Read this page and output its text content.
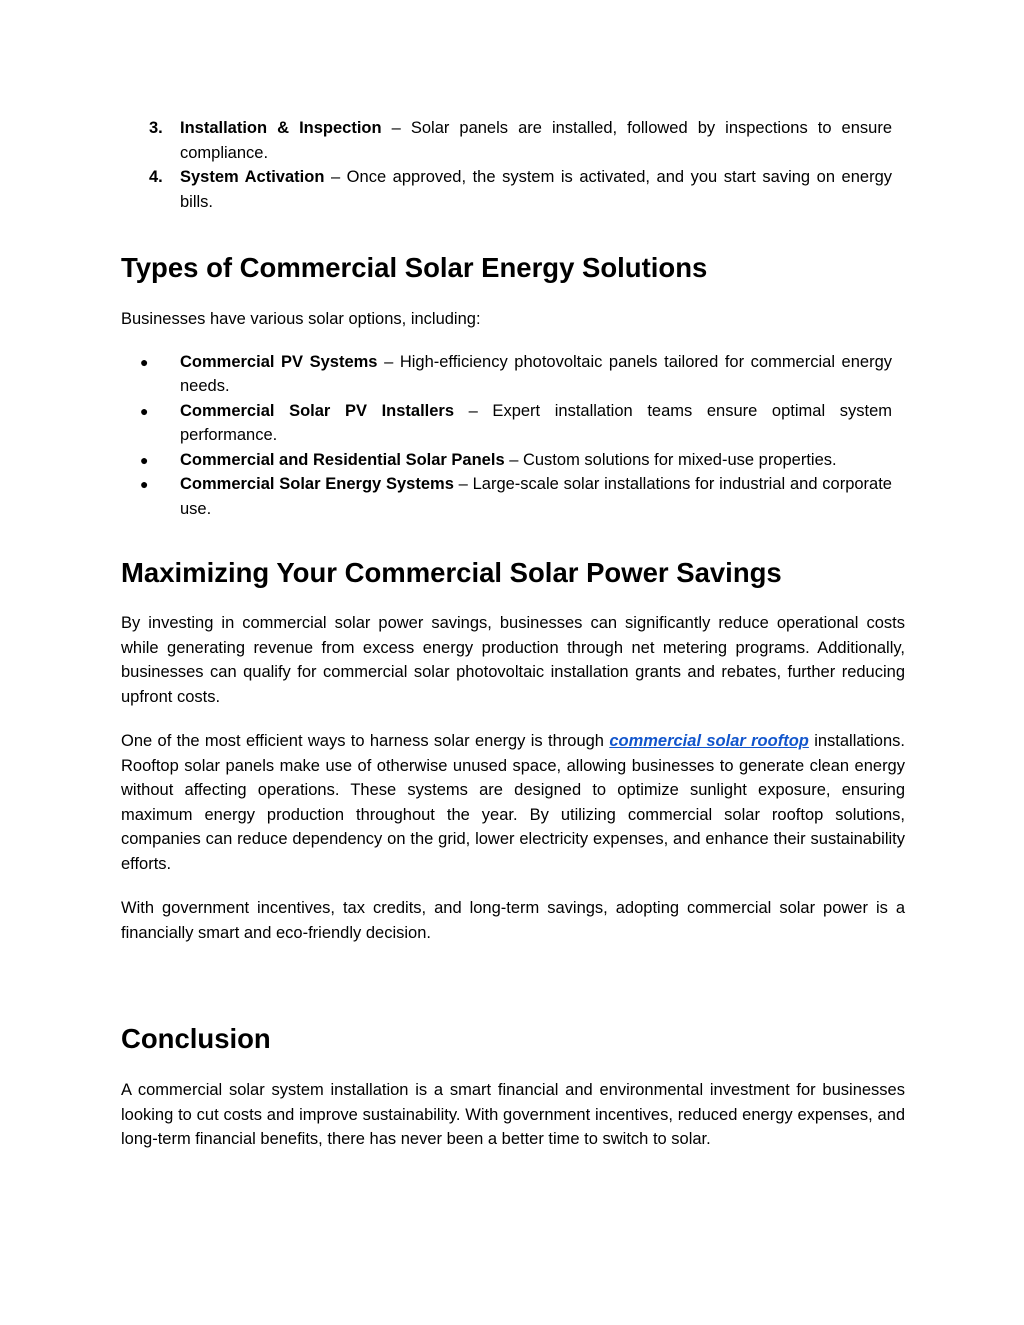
3. Installation & Inspection – Solar panels are installed, followed by inspections to ensure compliance.
4. System Activation – Once approved, the system is activated, and you start saving on energy bills.
Types of Commercial Solar Energy Solutions

Businesses have various solar options, including:

● Commercial PV Systems – High-efficiency photovoltaic panels tailored for commercial energy needs.
● Commercial Solar PV Installers – Expert installation teams ensure optimal system performance.
● Commercial and Residential Solar Panels – Custom solutions for mixed-use properties.
● Commercial Solar Energy Systems – Large-scale solar installations for industrial and corporate use.
Maximizing Your Commercial Solar Power Savings

By investing in commercial solar power savings, businesses can significantly reduce operational costs while generating revenue from excess energy production through net metering programs. Additionally, businesses can qualify for commercial solar photovoltaic installation grants and rebates, further reducing upfront costs.

One of the most efficient ways to harness solar energy is through commercial solar rooftop installations. Rooftop solar panels make use of otherwise unused space, allowing businesses to generate clean energy without affecting operations. These systems are designed to optimize sunlight exposure, ensuring maximum energy production throughout the year. By utilizing commercial solar rooftop solutions, companies can reduce dependency on the grid, lower electricity expenses, and enhance their sustainability efforts.

With government incentives, tax credits, and long-term savings, adopting commercial solar power is a financially smart and eco-friendly decision.

Conclusion

A commercial solar system installation is a smart financial and environmental investment for businesses looking to cut costs and improve sustainability. With government incentives, reduced energy expenses, and long-term financial benefits, there has never been a better time to switch to solar.
